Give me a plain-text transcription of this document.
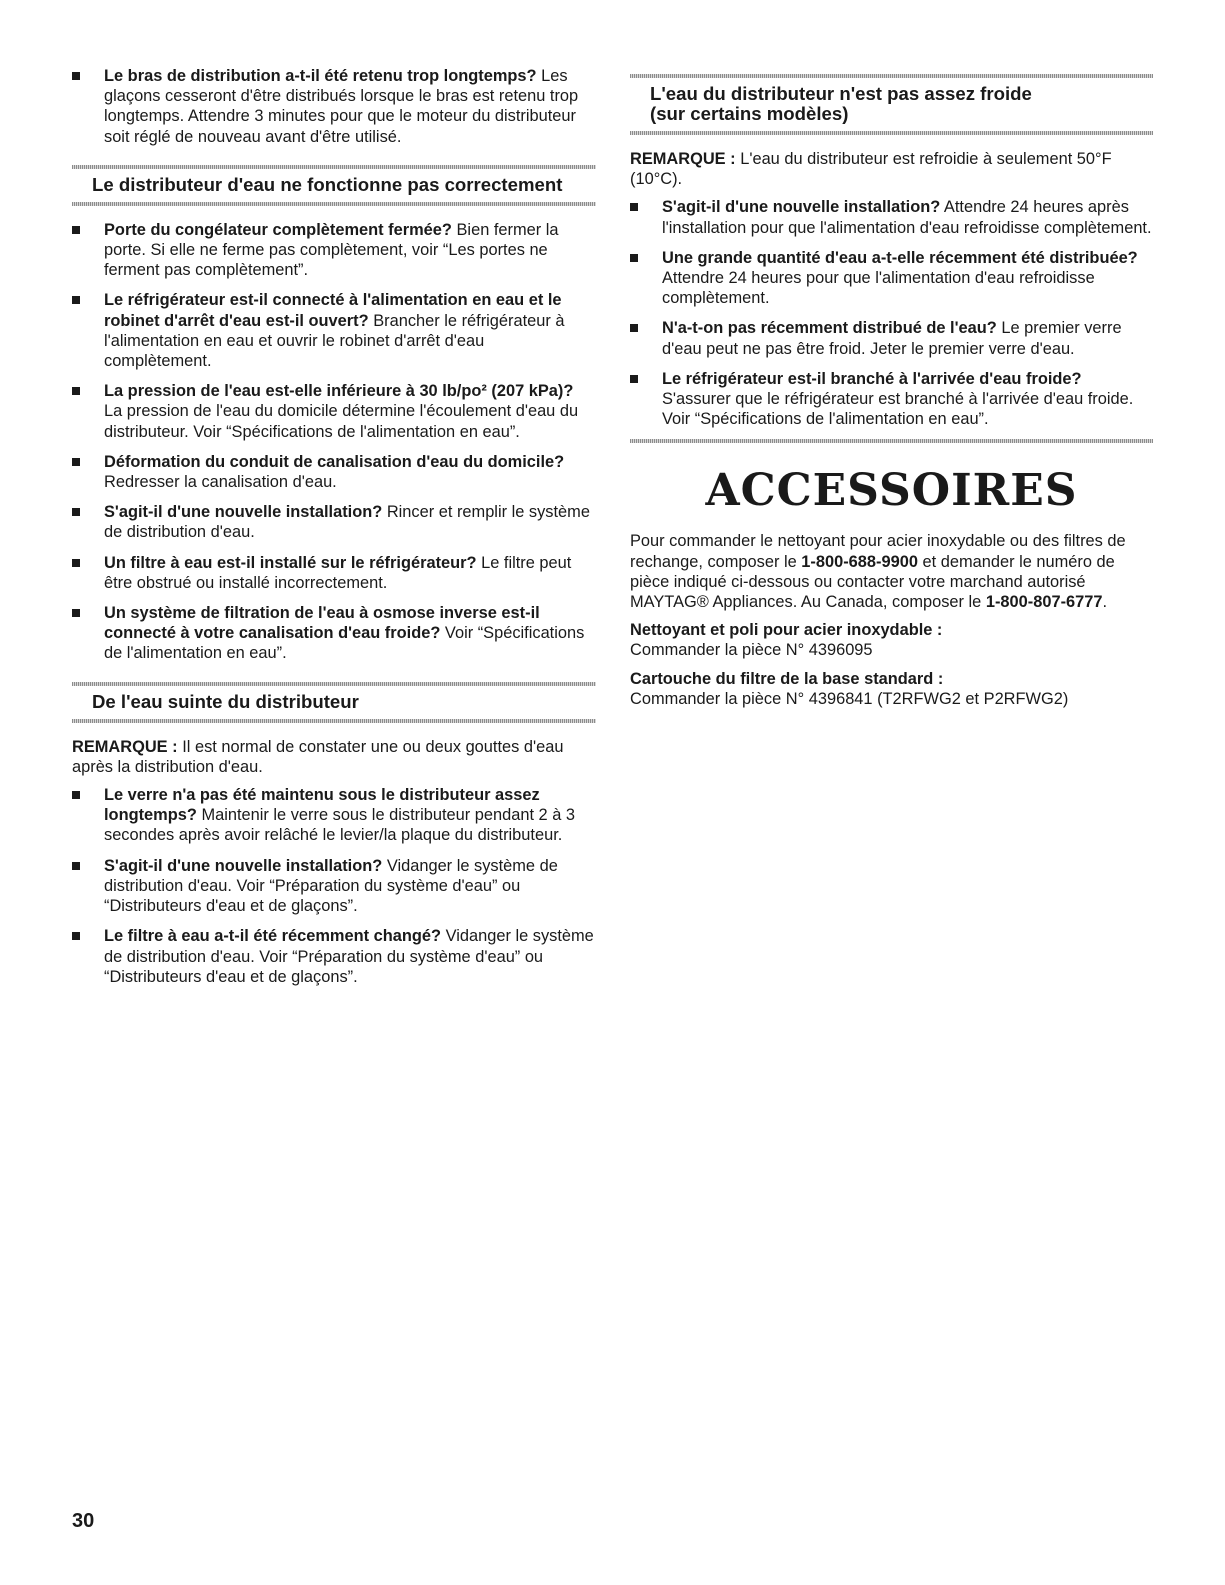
Le bras de distribution a-t-il été retenu trop longtemps? Les glaçons cesseront d'être distribués lorsque le bras est retenu trop longtemps. Attendre 3 minutes pour que le moteur du distributeur soit réglé de nouveau avant d'être utilisé.
Le distributeur d'eau ne fonctionne pas correctement
Porte du congélateur complètement fermée? Bien fermer la porte. Si elle ne ferme pas complètement, voir “Les portes ne ferment pas complètement”.
Le réfrigérateur est-il connecté à l'alimentation en eau et le robinet d'arrêt d'eau est-il ouvert? Brancher le réfrigérateur à l'alimentation en eau et ouvrir le robinet d'arrêt d'eau complètement.
La pression de l'eau est-elle inférieure à 30 lb/po² (207 kPa)? La pression de l'eau du domicile détermine l'écoulement d'eau du distributeur. Voir “Spécifications de l'alimentation en eau”.
Déformation du conduit de canalisation d'eau du domicile? Redresser la canalisation d'eau.
S'agit-il d'une nouvelle installation? Rincer et remplir le système de distribution d'eau.
Un filtre à eau est-il installé sur le réfrigérateur? Le filtre peut être obstrué ou installé incorrectement.
Un système de filtration de l'eau à osmose inverse est-il connecté à votre canalisation d'eau froide? Voir “Spécifications de l'alimentation en eau”.
De l'eau suinte du distributeur

REMARQUE : Il est normal de constater une ou deux gouttes d'eau après la distribution d'eau.

Le verre n'a pas été maintenu sous le distributeur assez longtemps? Maintenir le verre sous le distributeur pendant 2 à 3 secondes après avoir relâché le levier/la plaque du distributeur.
S'agit-il d'une nouvelle installation? Vidanger le système de distribution d'eau. Voir “Préparation du système d'eau” ou “Distributeurs d'eau et de glaçons”.
Le filtre à eau a-t-il été récemment changé? Vidanger le système de distribution d'eau. Voir “Préparation du système d'eau” ou “Distributeurs d'eau et de glaçons”.
L'eau du distributeur n'est pas assez froide
(sur certains modèles)

REMARQUE : L'eau du distributeur est refroidie à seulement 50°F (10°C).

S'agit-il d'une nouvelle installation? Attendre 24 heures après l'installation pour que l'alimentation d'eau refroidisse complètement.
Une grande quantité d'eau a-t-elle récemment été distribuée? Attendre 24 heures pour que l'alimentation d'eau refroidisse complètement.
N'a-t-on pas récemment distribué de l'eau? Le premier verre d'eau peut ne pas être froid. Jeter le premier verre d'eau.
Le réfrigérateur est-il branché à l'arrivée d'eau froide? S'assurer que le réfrigérateur est branché à l'arrivée d'eau froide. Voir “Spécifications de l'alimentation en eau”.
ACCESSOIRES

Pour commander le nettoyant pour acier inoxydable ou des filtres de rechange, composer le 1-800-688-9900 et demander le numéro de pièce indiqué ci-dessous ou contacter votre marchand autorisé MAYTAG® Appliances. Au Canada, composer le 1-800-807-6777.

Nettoyant et poli pour acier inoxydable :

Commander la pièce N° 4396095

Cartouche du filtre de la base standard :

Commander la pièce N° 4396841 (T2RFWG2 et P2RFWG2)

30
